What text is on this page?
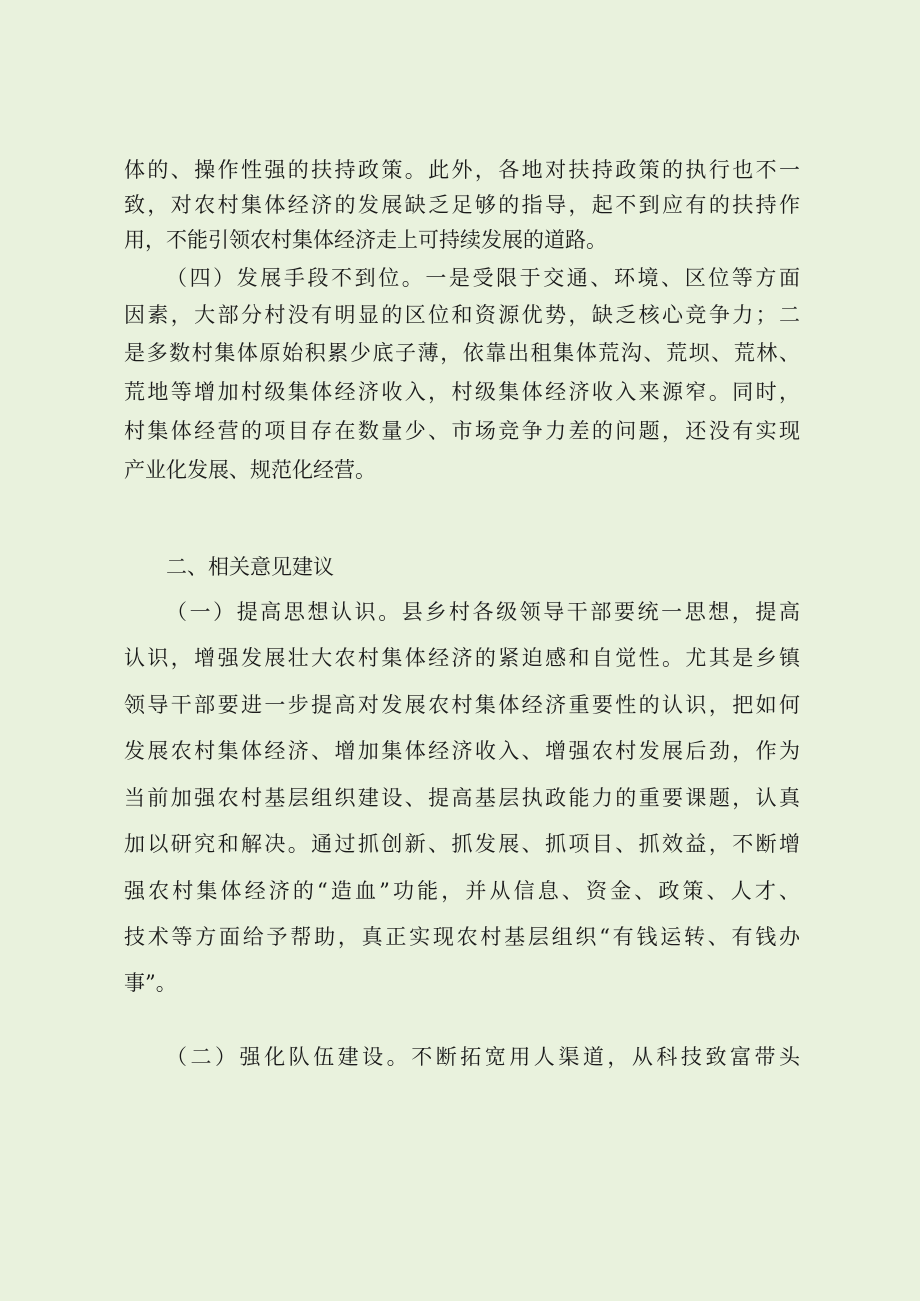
体的、操作性强的扶持政策。此外，各地对扶持政策的执行也不一
致，对农村集体经济的发展缺乏足够的指导，起不到应有的扶持作
用，不能引领农村集体经济走上可持续发展的道路。
（四）发展手段不到位。一是受限于交通、环境、区位等方面
因素，大部分村没有明显的区位和资源优势，缺乏核心竞争力；二
是多数村集体原始积累少底子薄，依靠出租集体荒沟、荒坝、荒林、
荒地等增加村级集体经济收入，村级集体经济收入来源窄。同时，
村集体经营的项目存在数量少、市场竞争力差的问题，还没有实现
产业化发展、规范化经营。
二、相关意见建议
（一）提高思想认识。县乡村各级领导干部要统一思想，提高
认识，增强发展壮大农村集体经济的紧迫感和自觉性。尤其是乡镇
领导干部要进一步提高对发展农村集体经济重要性的认识，把如何
发展农村集体经济、增加集体经济收入、增强农村发展后劲，作为
当前加强农村基层组织建设、提高基层执政能力的重要课题，认真
加以研究和解决。通过抓创新、抓发展、抓项目、抓效益，不断增
强农村集体经济的“造血”功能，并从信息、资金、政策、人才、
技术等方面给予帮助，真正实现农村基层组织“有钱运转、有钱办
事”。
（二）强化队伍建设。不断拓宽用人渠道，从科技致富带头
